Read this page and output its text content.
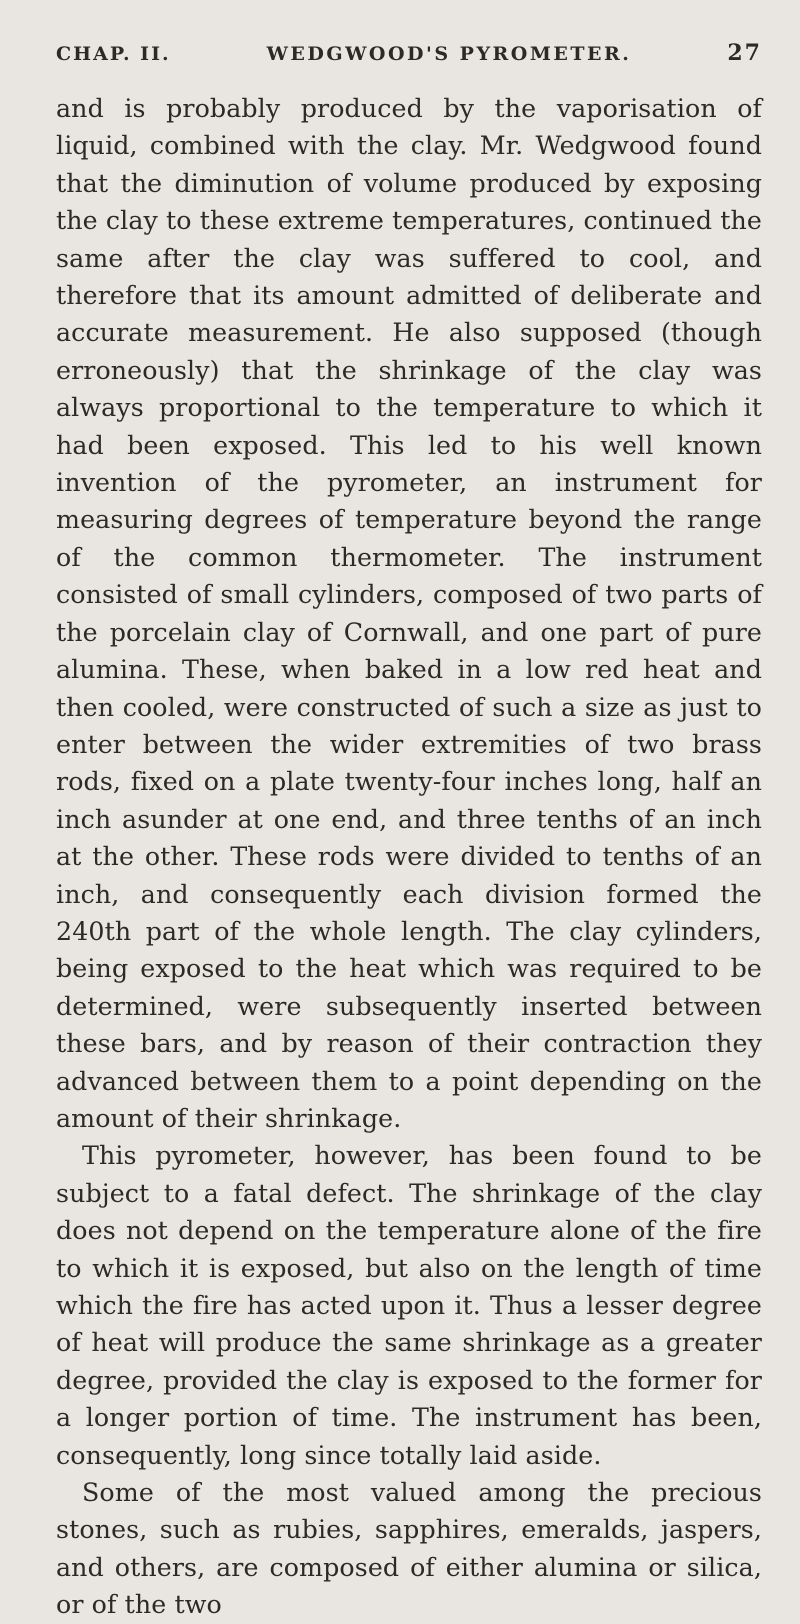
CHAP. II.	WEDGWOOD'S PYROMETER.	27

and is probably produced by the vaporisation of liquid, combined with the clay. Mr. Wedgwood found that the diminution of volume produced by exposing the clay to these extreme temperatures, continued the same after the clay was suffered to cool, and therefore that its amount admitted of deliberate and accurate measurement. He also supposed (though erroneously) that the shrinkage of the clay was always proportional to the temperature to which it had been exposed. This led to his well known invention of the pyrometer, an instrument for measuring degrees of temperature beyond the range of the common thermometer. The instrument consisted of small cylinders, composed of two parts of the porcelain clay of Cornwall, and one part of pure alumina. These, when baked in a low red heat and then cooled, were constructed of such a size as just to enter between the wider extremities of two brass rods, fixed on a plate twenty-four inches long, half an inch asunder at one end, and three tenths of an inch at the other. These rods were divided to tenths of an inch, and consequently each division formed the 240th part of the whole length. The clay cylinders, being exposed to the heat which was required to be determined, were subsequently inserted between these bars, and by reason of their contraction they advanced between them to a point depending on the amount of their shrinkage.

This pyrometer, however, has been found to be subject to a fatal defect. The shrinkage of the clay does not depend on the temperature alone of the fire to which it is exposed, but also on the length of time which the fire has acted upon it. Thus a lesser degree of heat will produce the same shrinkage as a greater degree, provided the clay is exposed to the former for a longer portion of time. The instrument has been, consequently, long since totally laid aside.

Some of the most valued among the precious stones, such as rubies, sapphires, emeralds, jaspers, and others, are composed of either alumina or silica, or of the two
